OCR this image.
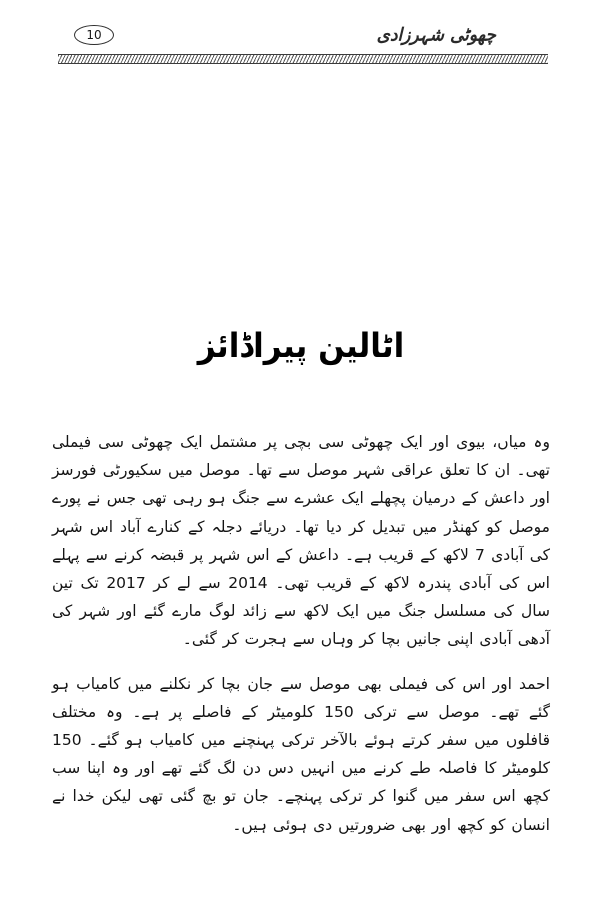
10	چھوٹی شہرزادی
اٹالین پیراڈائز

وہ میاں، بیوی اور ایک چھوٹی سی بچی پر مشتمل ایک چھوٹی سی فیملی تھی۔ ان کا تعلق عراقی شہر موصل سے تھا۔ موصل میں سکیورٹی فورسز اور داعش کے درمیان پچھلے ایک عشرے سے جنگ ہو رہی تھی جس نے پورے موصل کو کھنڈر میں تبدیل کر دیا تھا۔ دریائے دجلہ کے کنارے آباد اس شہر کی آبادی 7 لاکھ کے قریب ہے۔ داعش کے اس شہر پر قبضہ کرنے سے پہلے اس کی آبادی پندرہ لاکھ کے قریب تھی۔ 2014 سے لے کر 2017 تک تین سال کی مسلسل جنگ میں ایک لاکھ سے زائد لوگ مارے گئے اور شہر کی آدھی آبادی اپنی جانیں بچا کر وہاں سے ہجرت کر گئی۔

احمد اور اس کی فیملی بھی موصل سے جان بچا کر نکلنے میں کامیاب ہو گئے تھے۔ موصل سے ترکی 150 کلومیٹر کے فاصلے پر ہے۔ وہ مختلف قافلوں میں سفر کرتے ہوئے بالآخر ترکی پہنچنے میں کامیاب ہو گئے۔ 150 کلومیٹر کا فاصلہ طے کرنے میں انہیں دس دن لگ گئے تھے اور وہ اپنا سب کچھ اس سفر میں گنوا کر ترکی پہنچے۔ جان تو بچ گئی تھی لیکن خدا نے انسان کو کچھ اور بھی ضرورتیں دی ہوئی ہیں۔
